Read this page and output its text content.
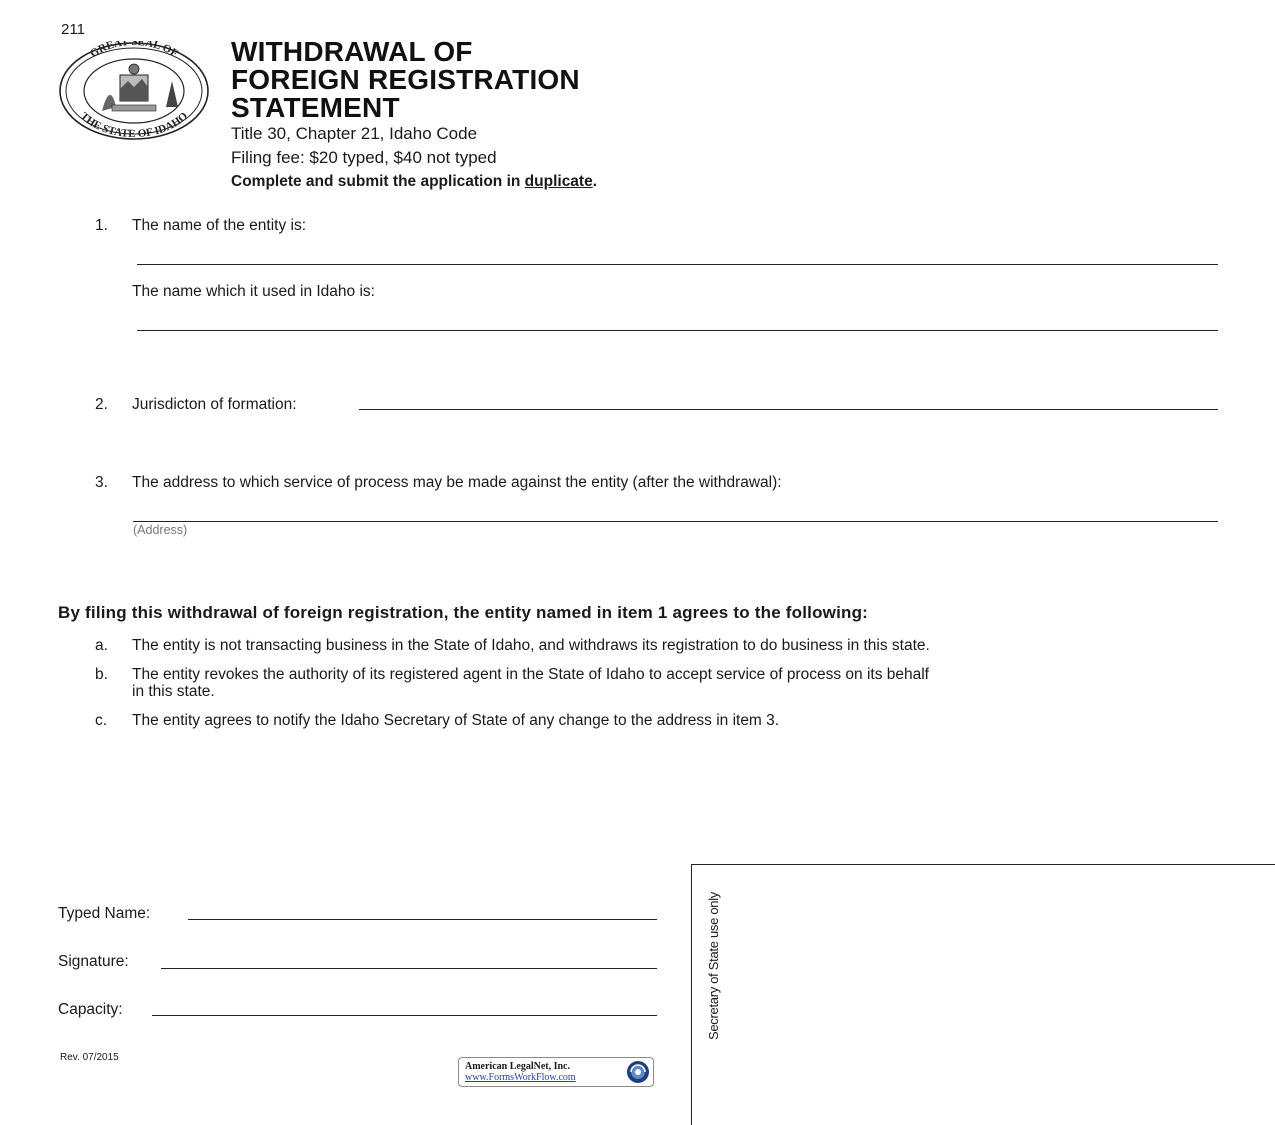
211
GREAT SEAL OF
THE STATE OF IDAHO
WITHDRAWAL OF
FOREIGN REGISTRATION
STATEMENT
Title 30, Chapter 21, Idaho Code
Filing fee: $20 typed, $40 not typed
Complete and submit the application in duplicate.
1. The name of the entity is:
The name which it used in Idaho is:
2. Jurisdicton of formation:
3. The address to which service of process may be made against the entity (after the withdrawal):
(Address)
By filing this withdrawal of foreign registration, the entity named in item 1 agrees to the following:
a. The entity is not transacting business in the State of Idaho, and withdraws its registration to do business in this state.
b. The entity revokes the authority of its registered agent in the State of Idaho to accept service of process on its behalf
in this state.
c. The entity agrees to notify the Idaho Secretary of State of any change to the address in item 3.
Typed Name:
Signature:
Capacity:
Rev. 07/2015
American LegalNet, Inc.
www.FormsWorkFlow.com
Secretary of State use only
